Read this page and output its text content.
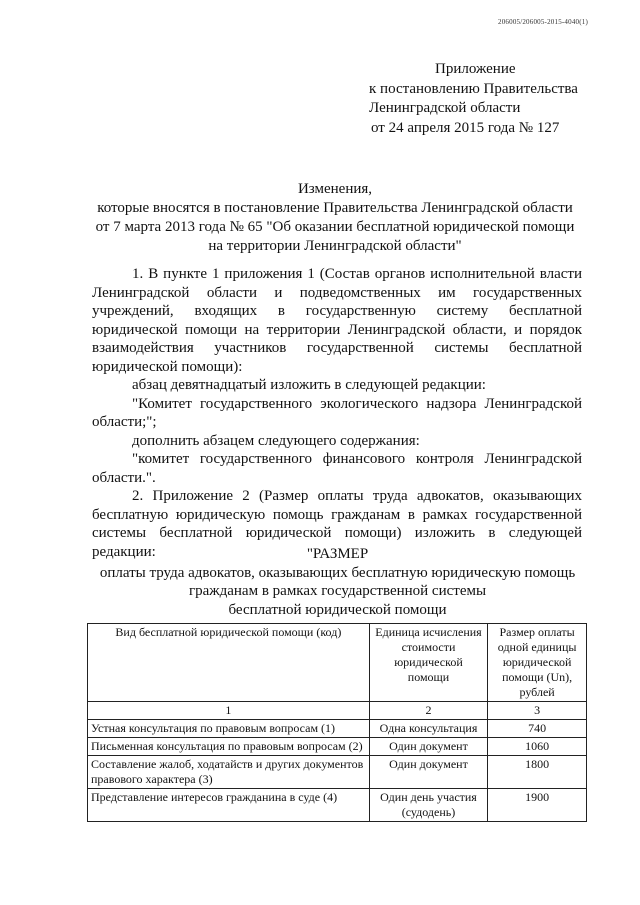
206005/206005-2015-4040(1)
Приложение
к постановлению Правительства
Ленинградской области
от 24 апреля 2015 года № 127
Изменения,
которые вносятся в постановление Правительства Ленинградской области
от 7 марта 2013 года № 65 "Об оказании бесплатной юридической помощи
на территории Ленинградской области"

1. В пункте 1 приложения 1 (Состав органов исполнительной власти Ленинградской области и подведомственных им государственных учреждений, входящих в государственную систему бесплатной юридической помощи на территории Ленинградской области, и порядок взаимодействия участников государственной системы бесплатной юридической помощи):

абзац девятнадцатый изложить в следующей редакции:

"Комитет государственного экологического надзора Ленинградской области;";

дополнить абзацем следующего содержания:

"комитет государственного финансового контроля Ленинградской области.".

2. Приложение 2 (Размер оплаты труда адвокатов, оказывающих бесплатную юридическую помощь гражданам в рамках государственной системы бесплатной юридической помощи) изложить в следующей редакции:	"РАЗМЕР
оплаты труда адвокатов, оказывающих бесплатную юридическую помощь
гражданам в рамках государственной системы
бесплатной юридической помощи
Вид бесплатной юридической помощи (код)	Единица исчисления стоимости юридической помощи	Размер оплаты одной единицы юридической помощи (Un), рублей
1	2	3
Устная консультация по правовым вопросам (1)	Одна консультация	740
Письменная консультация по правовым вопросам (2)	Один документ	1060
Составление жалоб, ходатайств и других документов правового характера (3)	Один документ	1800
Представление интересов гражданина в суде (4)	Один день участия (судодень)	1900
